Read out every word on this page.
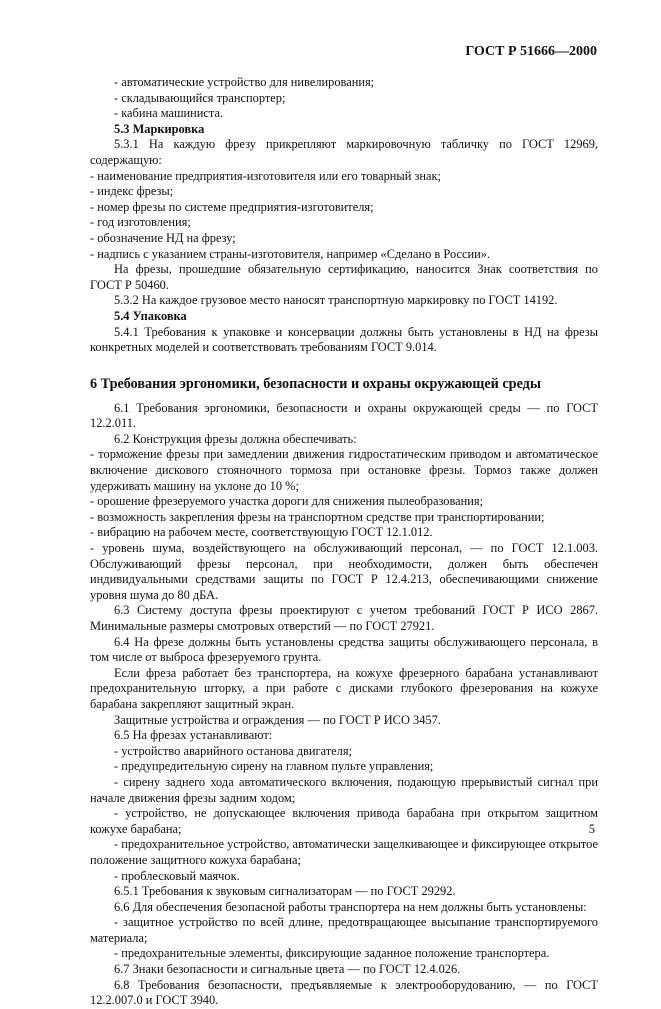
ГОСТ Р 51666—2000

- автоматические устройство для нивелирования;

- складывающийся транспортер;

- кабина машиниста.

5.3 Маркировка

5.3.1 На каждую фрезу прикрепляют маркировочную табличку по ГОСТ 12969, содержащую:

- наименование предприятия-изготовителя или его товарный знак;

- индекс фрезы;

- номер фрезы по системе предприятия-изготовителя;

- год изготовления;

- обозначение НД на фрезу;

- надпись с указанием страны-изготовителя, например «Сделано в России».

На фрезы, прошедшие обязательную сертификацию, наносится Знак соответствия по ГОСТ Р 50460.

5.3.2 На каждое грузовое место наносят транспортную маркировку по ГОСТ 14192.

5.4 Упаковка

5.4.1 Требования к упаковке и консервации должны быть установлены в НД на фрезы конкретных моделей и соответствовать требованиям ГОСТ 9.014.

6 Требования эргономики, безопасности и охраны окружающей среды

6.1 Требования эргономики, безопасности и охраны окружающей среды — по ГОСТ 12.2.011.

6.2 Конструкция фрезы должна обеспечивать:

- торможение фрезы при замедлении движения гидростатическим приводом и автоматическое включение дискового стояночного тормоза при остановке фрезы. Тормоз также должен удерживать машину на уклоне до 10 %;

- орошение фрезеруемого участка дороги для снижения пылеобразования;

- возможность закрепления фрезы на транспортном средстве при транспортировании;

- вибрацию на рабочем месте, соответствующую ГОСТ 12.1.012.

- уровень шума, воздействующего на обслуживающий персонал, — по ГОСТ 12.1.003. Обслуживающий фрезы персонал, при необходимости, должен быть обеспечен индивидуальными средствами защиты по ГОСТ Р 12.4.213, обеспечивающими снижение уровня шума до 80 дБА.

6.3 Систему доступа фрезы проектируют с учетом требований ГОСТ Р ИСО 2867. Минимальные размеры смотровых отверстий — по ГОСТ 27921.

6.4 На фрезе должны быть установлены средства защиты обслуживающего персонала, в том числе от выброса фрезеруемого грунта.

Если фреза работает без транспортера, на кожухе фрезерного барабана устанавливают предохранительную шторку, а при работе с дисками глубокого фрезерования на кожухе барабана закрепляют защитный экран.

Защитные устройства и ограждения — по ГОСТ Р ИСО 3457.

6.5 На фрезах устанавливают:

- устройство аварийного останова двигателя;

- предупредительную сирену на главном пульте управления;

- сирену заднего хода автоматического включения, подающую прерывистый сигнал при начале движения фрезы задним ходом;

- устройство, не допускающее включения привода барабана при открытом защитном кожухе барабана;

- предохранительное устройство, автоматически защелкивающее и фиксирующее открытое положение защитного кожуха барабана;

- проблесковый маячок.

6.5.1 Требования к звуковым сигнализаторам — по ГОСТ 29292.

6.6 Для обеспечения безопасной работы транспортера на нем должны быть установлены:

- защитное устройство по всей длине, предотвращающее высыпание транспортируемого материала;

- предохранительные элементы, фиксирующие заданное положение транспортера.

6.7 Знаки безопасности и сигнальные цвета — по ГОСТ 12.4.026.

6.8 Требования безопасности, предъявляемые к электрооборудованию, — по ГОСТ 12.2.007.0 и ГОСТ 3940.

5
